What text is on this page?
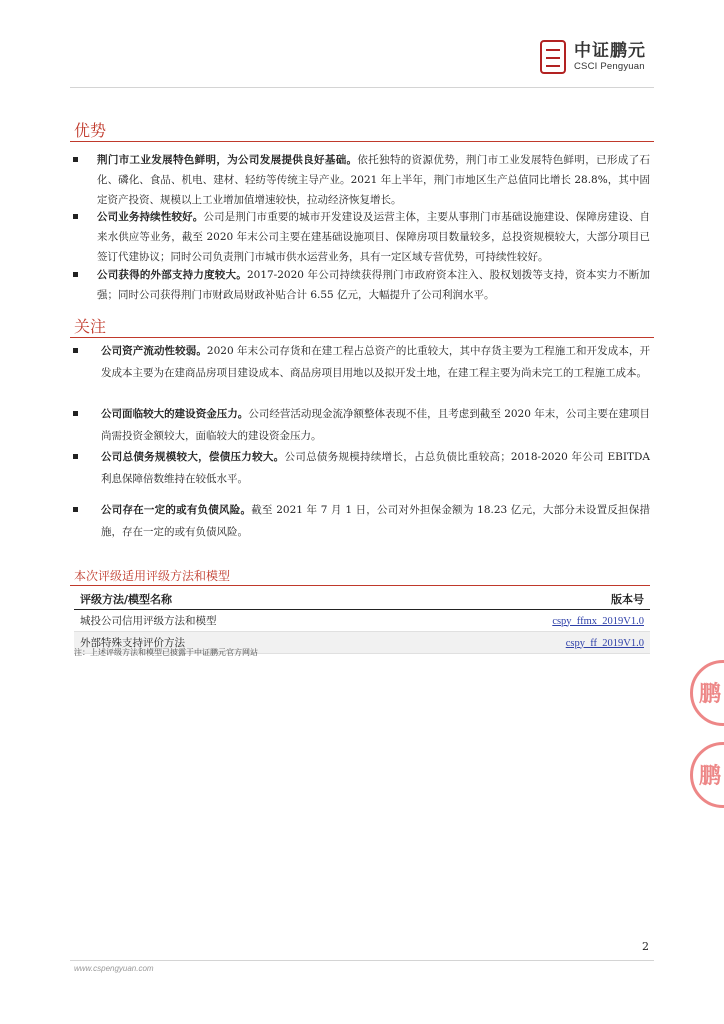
中证鹏元
CSCI Pengyuan
优势
荆门市工业发展特色鲜明，为公司发展提供良好基础。依托独特的资源优势，荆门市工业发展特色鲜明，已形成了石化、磷化、食品、机电、建材、轻纺等传统主导产业。2021 年上半年，荆门市地区生产总值同比增长 28.8%，其中固定资产投资、规模以上工业增加值增速较快，拉动经济恢复增长。
公司业务持续性较好。公司是荆门市重要的城市开发建设及运营主体，主要从事荆门市基础设施建设、保障房建设、自来水供应等业务，截至 2020 年末公司主要在建基础设施项目、保障房项目数量较多，总投资规模较大，大部分项目已签订代建协议；同时公司负责荆门市城市供水运营业务，具有一定区域专营优势，可持续性较好。
公司获得的外部支持力度较大。2017-2020 年公司持续获得荆门市政府资本注入、股权划拨等支持，资本实力不断加强；同时公司获得荆门市财政局财政补贴合计 6.55 亿元，大幅提升了公司利润水平。
关注
公司资产流动性较弱。2020 年末公司存货和在建工程占总资产的比重较大，其中存货主要为工程施工和开发成本，开发成本主要为在建商品房项目建设成本、商品房项目用地以及拟开发土地，在建工程主要为尚未完工的工程施工成本。
公司面临较大的建设资金压力。公司经营活动现金流净额整体表现不佳，且考虑到截至 2020 年末，公司主要在建项目尚需投资金额较大，面临较大的建设资金压力。
公司总债务规模较大，偿债压力较大。公司总债务规模持续增长，占总负债比重较高；2018-2020 年公司 EBITDA 利息保障倍数维持在较低水平。
公司存在一定的或有负债风险。截至 2021 年 7 月 1 日，公司对外担保金额为 18.23 亿元，大部分未设置反担保措施，存在一定的或有负债风险。
本次评级适用评级方法和模型
评级方法/模型名称	版本号
城投公司信用评级方法和模型	cspy_ffmx_2019V1.0
外部特殊支持评价方法	cspy_ff_2019V1.0
注：上述评级方法和模型已披露于中证鹏元官方网站
鹏
鹏
2
www.cspengyuan.com
